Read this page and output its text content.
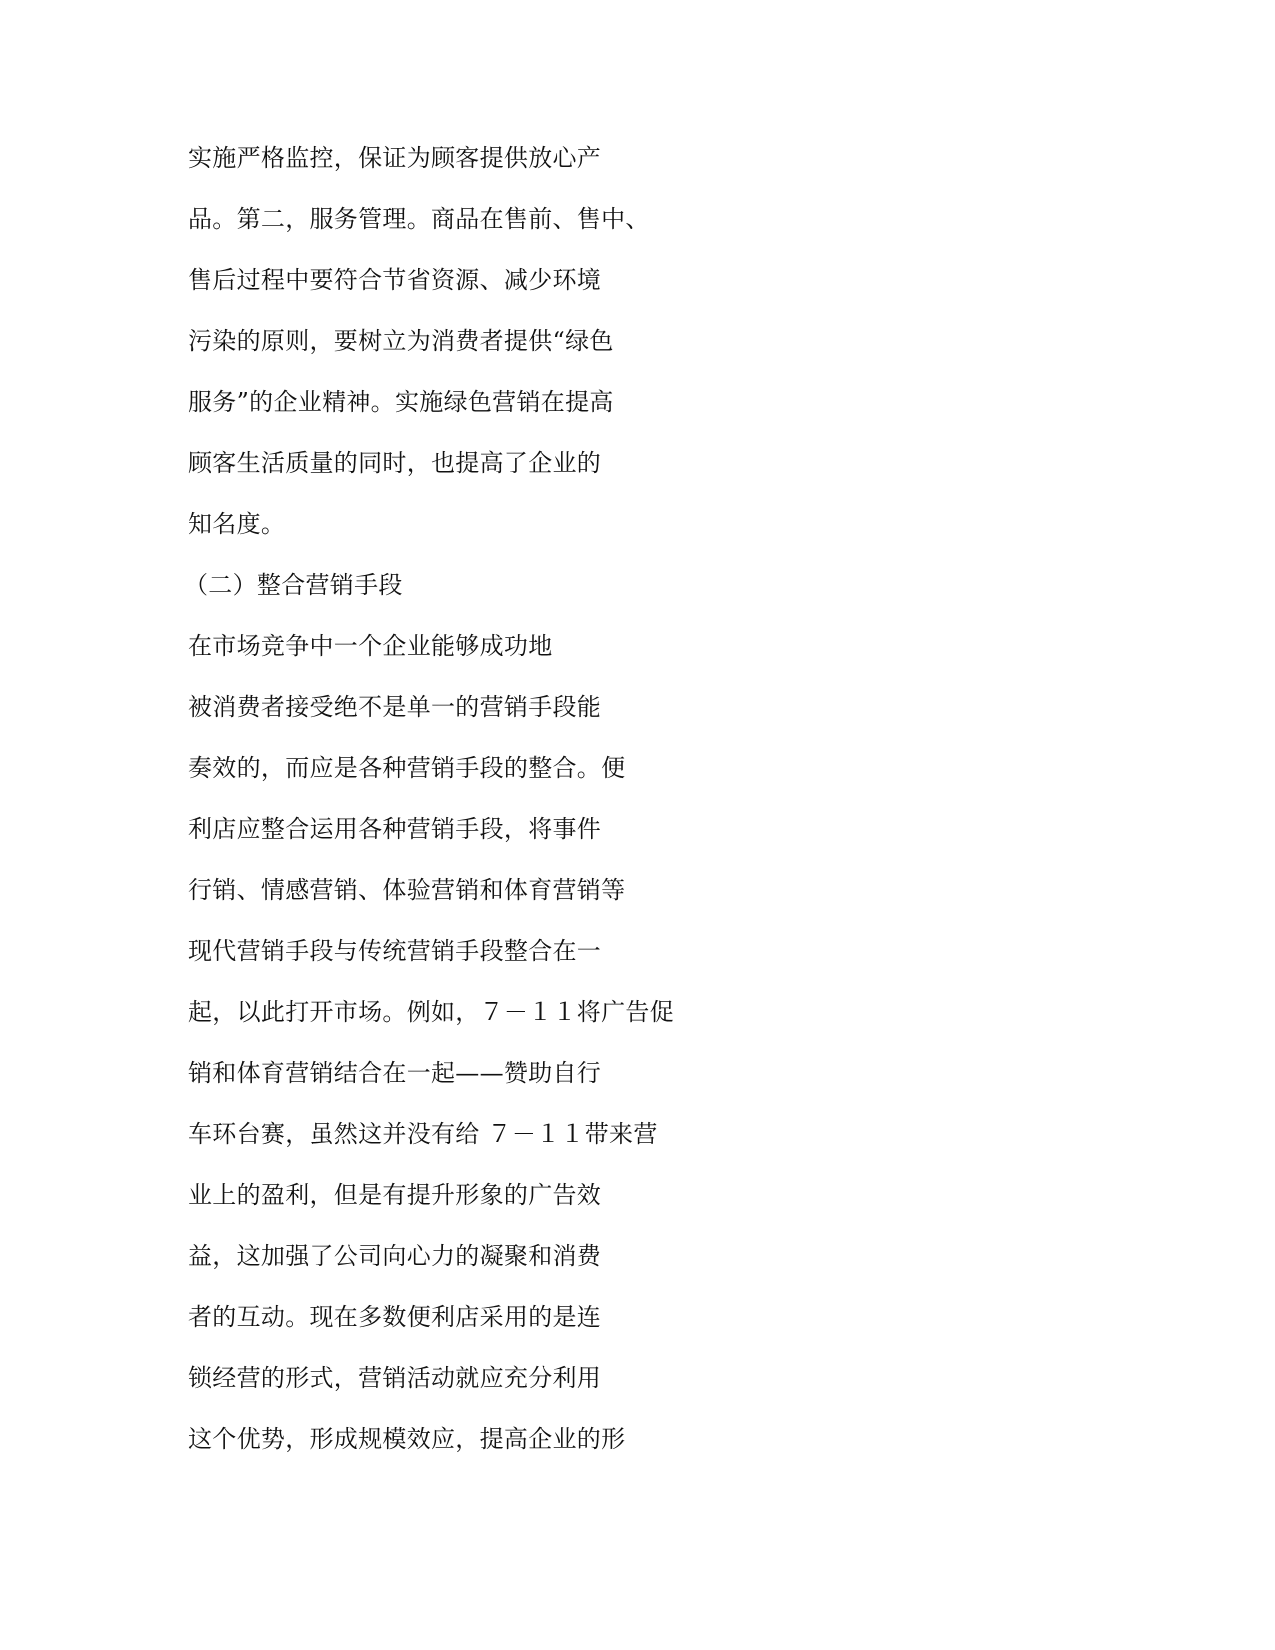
实施严格监控，保证为顾客提供放心产
品。第二，服务管理。商品在售前、售中、
售后过程中要符合节省资源、减少环境
污染的原则，要树立为消费者提供“绿色
服务”的企业精神。实施绿色营销在提高
顾客生活质量的同时，也提高了企业的
知名度。
（二）整合营销手段
在市场竞争中一个企业能够成功地
被消费者接受绝不是单一的营销手段能
奏效的，而应是各种营销手段的整合。便
利店应整合运用各种营销手段，将事件
行销、情感营销、体验营销和体育营销等
现代营销手段与传统营销手段整合在一
起，以此打开市场。例如，７－１１将广告促
销和体育营销结合在一起——赞助自行
车环台赛，虽然这并没有给 ７－１１带来营
业上的盈利，但是有提升形象的广告效
益，这加强了公司向心力的凝聚和消费
者的互动。现在多数便利店采用的是连
锁经营的形式，营销活动就应充分利用
这个优势，形成规模效应，提高企业的形
